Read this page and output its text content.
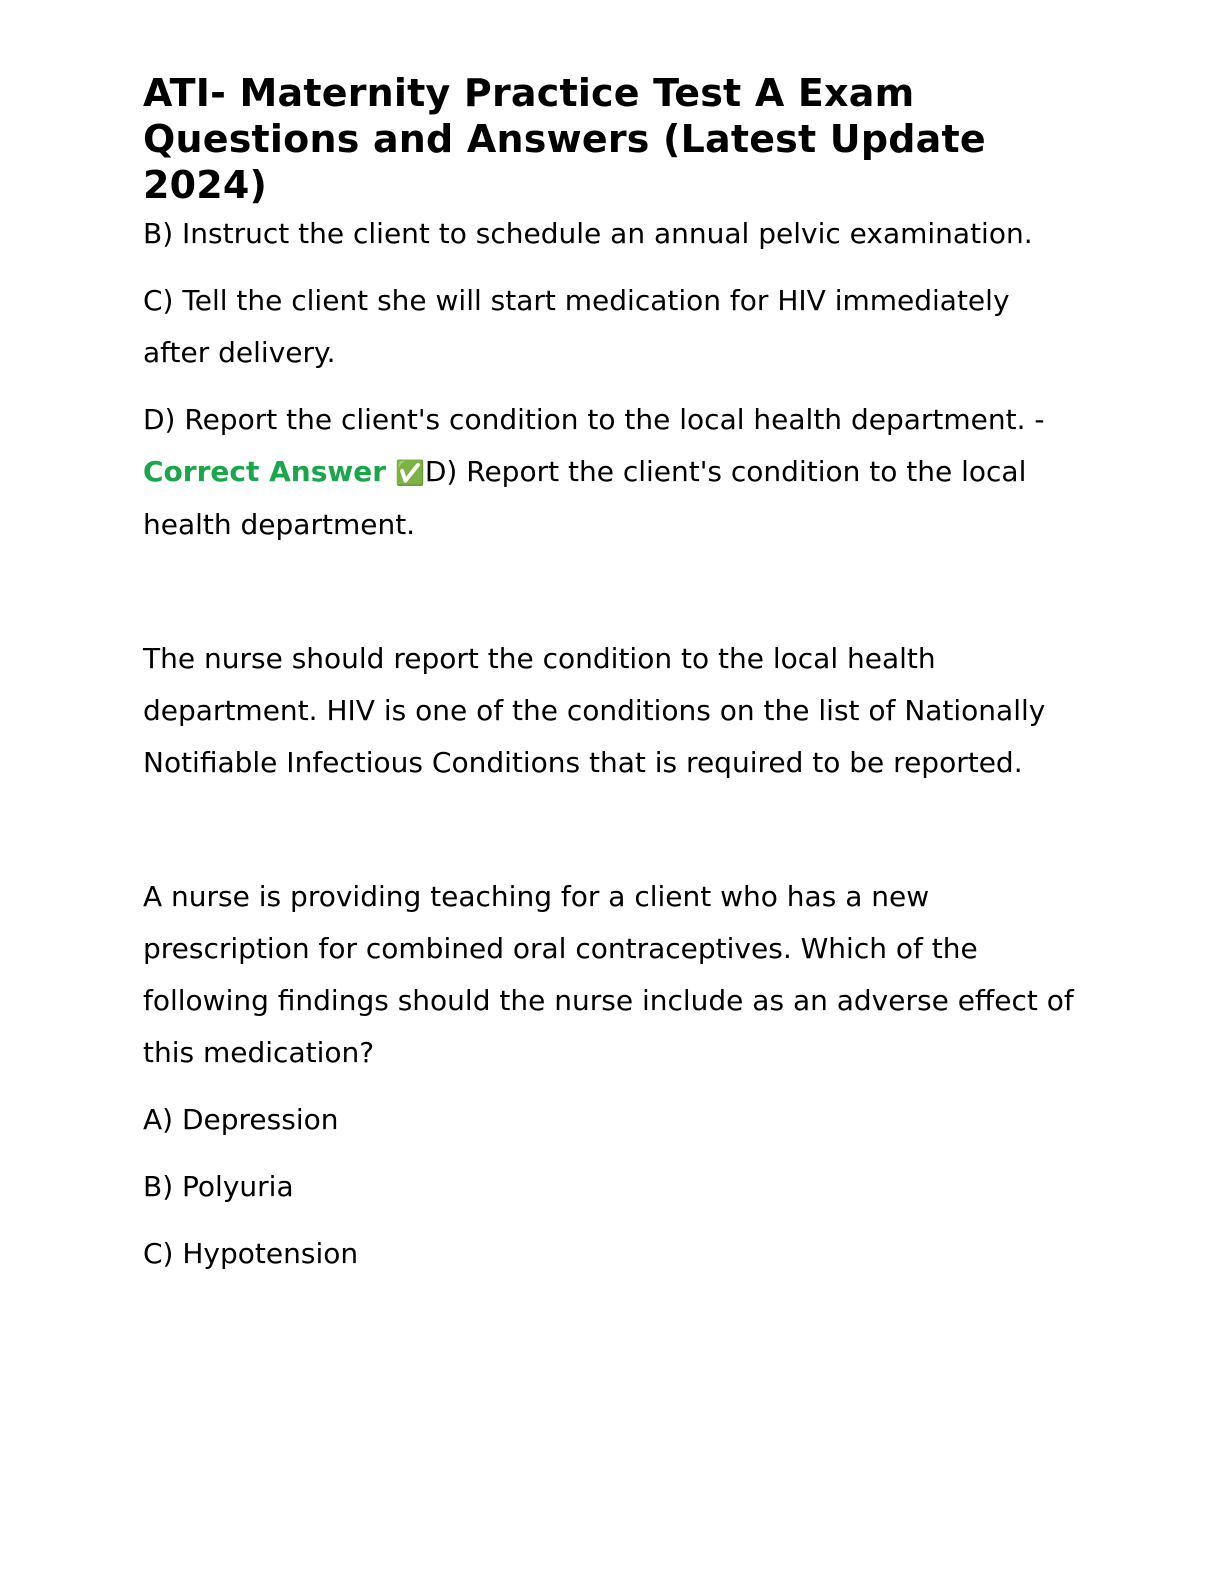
ATI- Maternity Practice Test A Exam Questions and Answers (Latest Update 2024)

B) Instruct the client to schedule an annual pelvic examination.

C) Tell the client she will start medication for HIV immediately after delivery.

D) Report the client's condition to the local health department. - Correct Answer ✅D) Report the client's condition to the local health department.

The nurse should report the condition to the local health department. HIV is one of the conditions on the list of Nationally Notifiable Infectious Conditions that is required to be reported.

A nurse is providing teaching for a client who has a new prescription for combined oral contraceptives. Which of the following findings should the nurse include as an adverse effect of this medication?

A) Depression

B) Polyuria

C) Hypotension
